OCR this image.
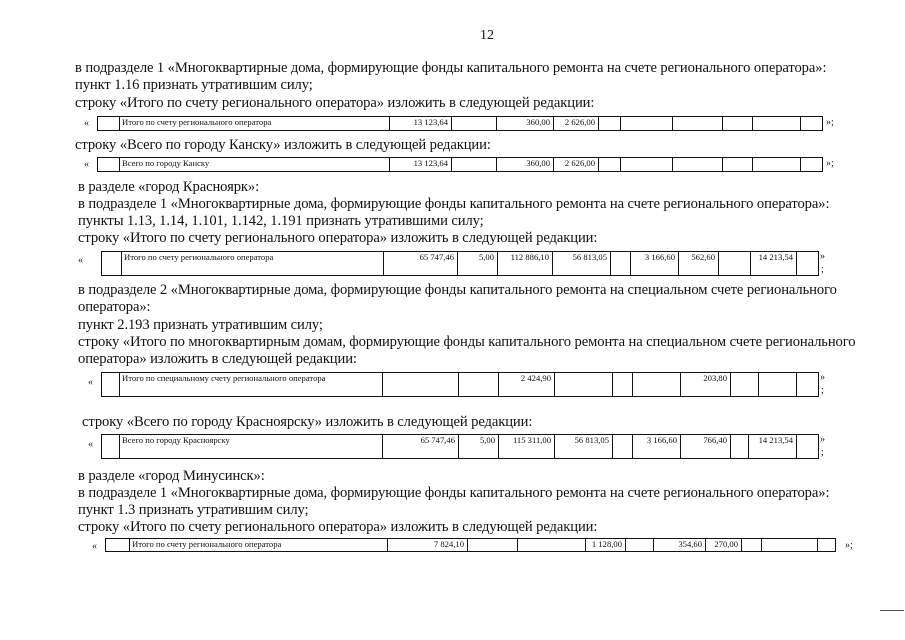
12
в подразделе 1 «Многоквартирные дома, формирующие фонды капитального ремонта на счете регионального оператора»:
пункт 1.16 признать утратившим силу;
строку «Итого по счету регионального оператора» изложить в следующей редакции:
«
		Итого по счету регионального оператора	13 123,64		360,00	2 626,00							»;
строку «Всего по городу Канску» изложить в следующей редакции:
«
		Всего по городу Канску	13 123,64		360,00	2 626,00							»;
в разделе «город Красноярк»:
в подразделе 1 «Многоквартирные дома, формирующие фонды капитального ремонта на счете регионального оператора»:
пункты 1.13, 1.14, 1.101, 1.142, 1.191 признать утратившими силу;
строку «Итого по счету регионального оператора» изложить в следующей редакции:
«
		Итого по счету регионального оператора	65 747,46	5,00	112 886,10	56 813,05		3 166,60	562,60		14 213,54		»
;
в подразделе 2 «Многоквартирные дома, формирующие фонды капитального ремонта на специальном счете регионального
оператора»:
пункт 2.193 признать утратившим силу;
строку «Итого по многоквартирным домам, формирующие фонды капитального ремонта на специальном счете регионального
оператора» изложить в следующей редакции:
«
		Итого по специальному счету регионального оператора			2 424,90				203,80				»
;
строку «Всего по городу Красноярску» изложить в следующей редакции:
«
		Всего по городу Красноярску	65 747,46	5,00	115 311,00	56 813,05		3 166,60	766,40		14 213,54		»
;
в разделе «город Минусинск»:
в подразделе 1 «Многоквартирные дома, формирующие фонды капитального ремонта на счете регионального оператора»:
пункт 1.3 признать утратившим силу;
строку «Итого по счету регионального оператора» изложить в следующей редакции:
«
		Итого по счету регионального оператора	7 824,10			1 128,00		354,60	270,00				»;
